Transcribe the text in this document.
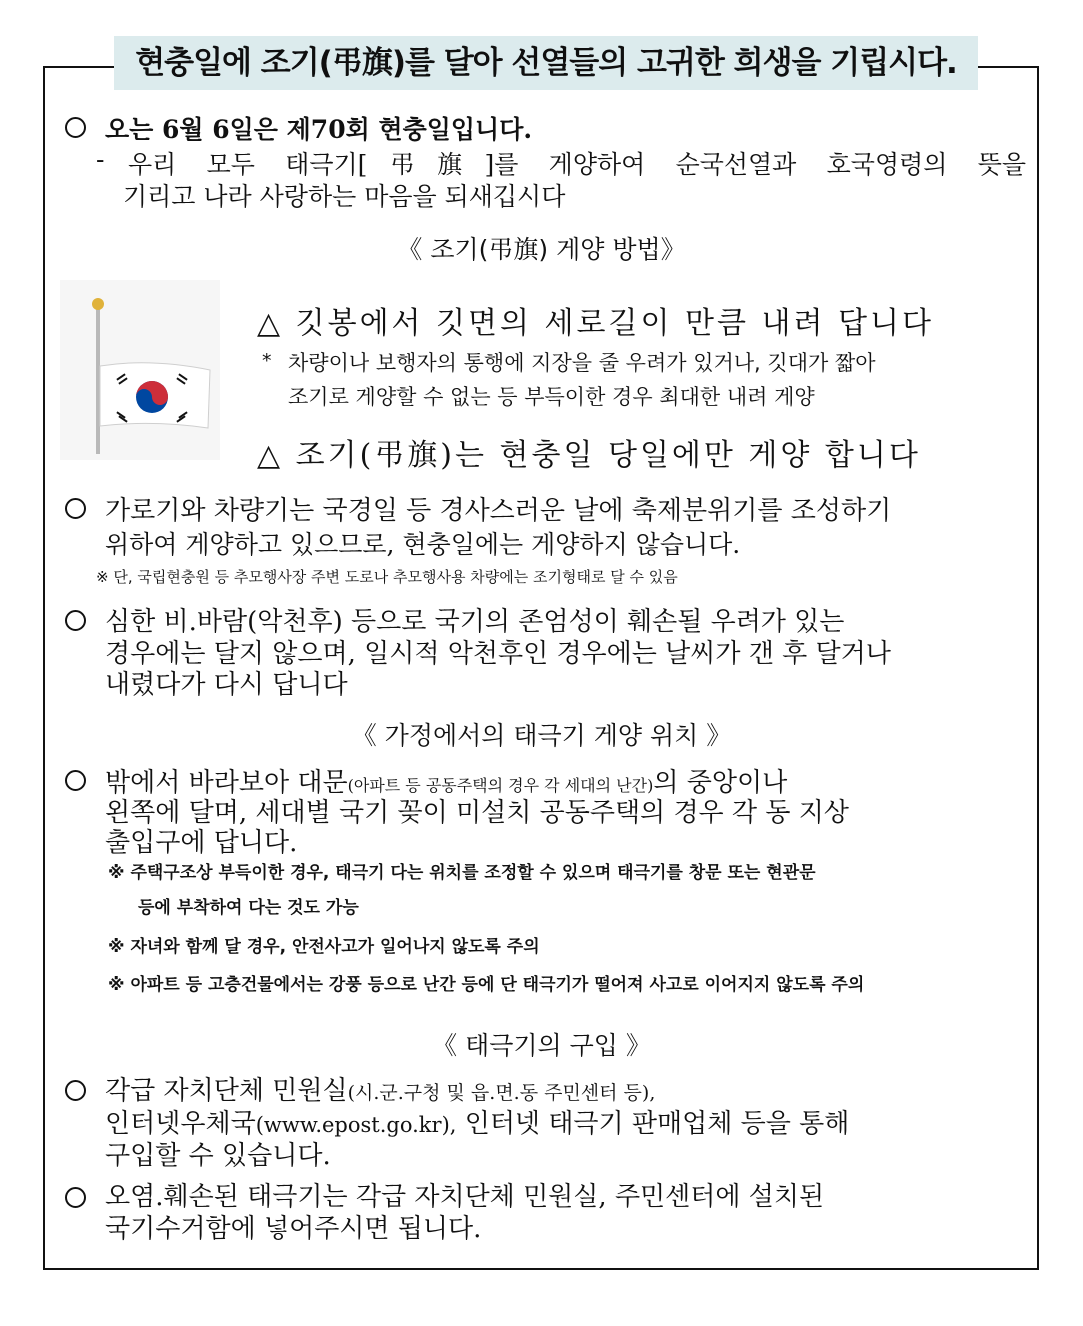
현충일에 조기(弔旗)를 달아 선열들의 고귀한 희생을 기립시다.
오는 6월 6일은 제70회 현충일입니다.
- 우리 모두 태극기[弔旗]를 게양하여 순국선열과 호국영령의 뜻을
기리고 나라 사랑하는 마음을 되새깁시다
《 조기(弔旗) 게양 방법》
△ 깃봉에서 깃면의 세로길이 만큼 내려 답니다
* 차량이나 보행자의 통행에 지장을 줄 우려가 있거나, 깃대가 짧아
조기로 게양할 수 없는 등 부득이한 경우 최대한 내려 게양
△ 조기(弔旗)는 현충일 당일에만 게양 합니다
가로기와 차량기는 국경일 등 경사스러운 날에 축제분위기를 조성하기
위하여 게양하고 있으므로, 현충일에는 게양하지 않습니다.
※ 단, 국립현충원 등 추모행사장 주변 도로나 추모행사용 차량에는 조기형태로 달 수 있음
심한 비.바람(악천후) 등으로 국기의 존엄성이 훼손될 우려가 있는
경우에는 달지 않으며, 일시적 악천후인 경우에는 날씨가 갠 후 달거나
내렸다가 다시 답니다
《 가정에서의 태극기 게양 위치 》
밖에서 바라보아 대문(아파트 등 공동주택의 경우 각 세대의 난간)의 중앙이나
왼쪽에 달며, 세대별 국기 꽂이 미설치 공동주택의 경우 각 동 지상
출입구에 답니다.
※ 주택구조상 부득이한 경우, 태극기 다는 위치를 조정할 수 있으며 태극기를 창문 또는 현관문
등에 부착하여 다는 것도 가능
※ 자녀와 함께 달 경우, 안전사고가 일어나지 않도록 주의
※ 아파트 등 고층건물에서는 강풍 등으로 난간 등에 단 태극기가 떨어져 사고로 이어지지 않도록 주의
《 태극기의 구입 》
각급 자치단체 민원실(시.군.구청 및 읍.면.동 주민센터 등),
인터넷우체국(www.epost.go.kr), 인터넷 태극기 판매업체 등을 통해
구입할 수 있습니다.
오염.훼손된 태극기는 각급 자치단체 민원실, 주민센터에 설치된
국기수거함에 넣어주시면 됩니다.
